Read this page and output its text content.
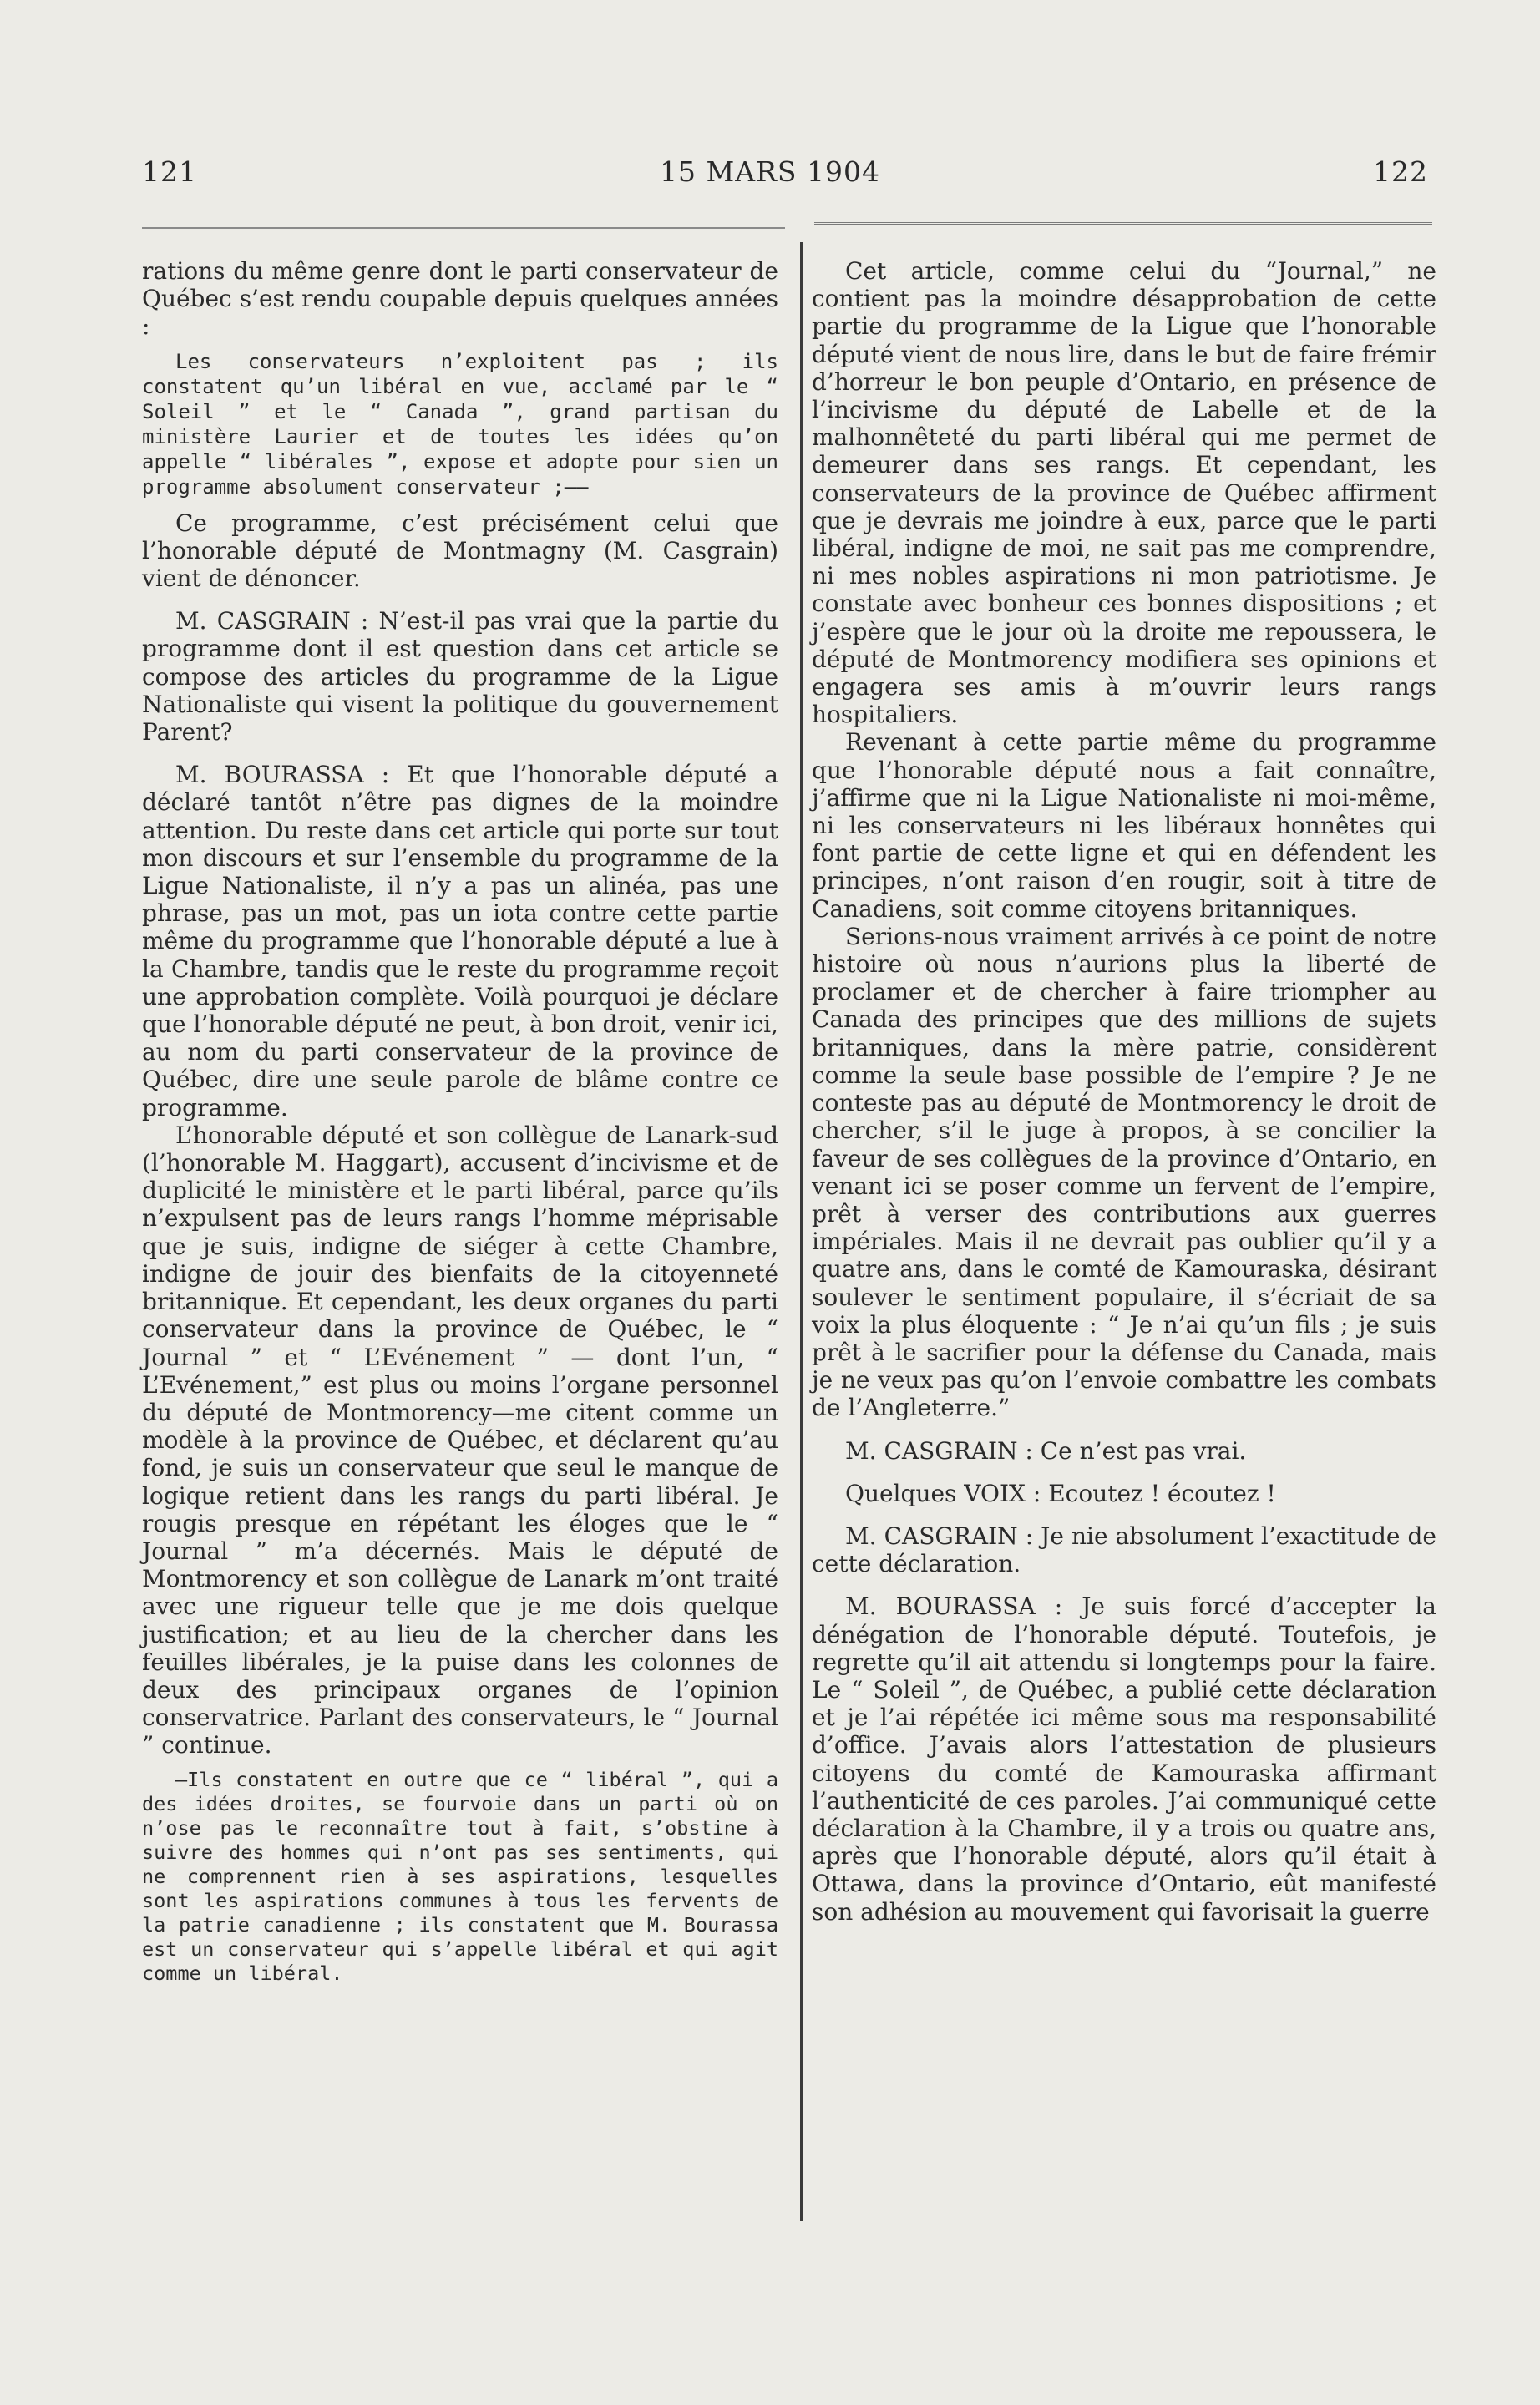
121	15 MARS 1904	122

rations du même genre dont le parti conservateur de Québec s’est rendu coupable depuis quelques années :

Les conservateurs n’exploitent pas ; ils constatent qu’un libéral en vue, acclamé par le “ Soleil ” et le “ Canada ”, grand partisan du ministère Laurier et de toutes les idées qu’on appelle “ libérales ”, expose et adopte pour sien un programme absolument conservateur ;——

Ce programme, c’est précisément celui que l’honorable député de Montmagny (M. Casgrain) vient de dénoncer.

M. CASGRAIN : N’est-il pas vrai que la partie du programme dont il est question dans cet article se compose des articles du programme de la Ligue Nationaliste qui visent la politique du gouvernement Parent?

M. BOURASSA : Et que l’honorable député a déclaré tantôt n’être pas dignes de la moindre attention. Du reste dans cet article qui porte sur tout mon discours et sur l’ensemble du programme de la Ligue Nationaliste, il n’y a pas un alinéa, pas une phrase, pas un mot, pas un iota contre cette partie même du programme que l’honorable député a lue à la Chambre, tandis que le reste du programme reçoit une approbation complète. Voilà pourquoi je déclare que l’honorable député ne peut, à bon droit, venir ici, au nom du parti conservateur de la province de Québec, dire une seule parole de blâme contre ce programme.

L’honorable député et son collègue de Lanark-sud (l’honorable M. Haggart), accusent d’incivisme et de duplicité le ministère et le parti libéral, parce qu’ils n’expulsent pas de leurs rangs l’homme méprisable que je suis, indigne de siéger à cette Chambre, indigne de jouir des bienfaits de la citoyenneté britannique. Et cependant, les deux organes du parti conservateur dans la province de Québec, le “ Journal ” et “ L’Evénement ” — dont l’un, “ L’Evénement,” est plus ou moins l’organe personnel du député de Montmorency—me citent comme un modèle à la province de Québec, et déclarent qu’au fond, je suis un conservateur que seul le manque de logique retient dans les rangs du parti libéral. Je rougis presque en répétant les éloges que le “ Journal ” m’a décernés. Mais le député de Montmorency et son collègue de Lanark m’ont traité avec une rigueur telle que je me dois quelque justification; et au lieu de la chercher dans les feuilles libérales, je la puise dans les colonnes de deux des principaux organes de l’opinion conservatrice. Parlant des conservateurs, le “ Journal ” continue.

—Ils constatent en outre que ce “ libéral ”, qui a des idées droites, se fourvoie dans un parti où on n’ose pas le reconnaître tout à fait, s’obstine à suivre des hommes qui n’ont pas ses sentiments, qui ne comprennent rien à ses aspirations, lesquelles sont les aspirations communes à tous les fervents de la patrie canadienne ; ils constatent que M. Bourassa est un conservateur qui s’appelle libéral et qui agit comme un libéral.

Cet article, comme celui du “Journal,” ne contient pas la moindre désapprobation de cette partie du programme de la Ligue que l’honorable député vient de nous lire, dans le but de faire frémir d’horreur le bon peuple d’Ontario, en présence de l’incivisme du député de Labelle et de la malhonnêteté du parti libéral qui me permet de demeurer dans ses rangs. Et cependant, les conservateurs de la province de Québec affirment que je devrais me joindre à eux, parce que le parti libéral, indigne de moi, ne sait pas me comprendre, ni mes nobles aspirations ni mon patriotisme. Je constate avec bonheur ces bonnes dispositions ; et j’espère que le jour où la droite me repoussera, le député de Montmorency modifiera ses opinions et engagera ses amis à m’ouvrir leurs rangs hospitaliers.

Revenant à cette partie même du programme que l’honorable député nous a fait connaître, j’affirme que ni la Ligue Nationaliste ni moi-même, ni les conservateurs ni les libéraux honnêtes qui font partie de cette ligne et qui en défendent les principes, n’ont raison d’en rougir, soit à titre de Canadiens, soit comme citoyens britanniques.

Serions-nous vraiment arrivés à ce point de notre histoire où nous n’aurions plus la liberté de proclamer et de chercher à faire triompher au Canada des principes que des millions de sujets britanniques, dans la mère patrie, considèrent comme la seule base possible de l’empire ? Je ne conteste pas au député de Montmorency le droit de chercher, s’il le juge à propos, à se concilier la faveur de ses collègues de la province d’Ontario, en venant ici se poser comme un fervent de l’empire, prêt à verser des contributions aux guerres impériales. Mais il ne devrait pas oublier qu’il y a quatre ans, dans le comté de Kamouraska, désirant soulever le sentiment populaire, il s’écriait de sa voix la plus éloquente : “ Je n’ai qu’un fils ; je suis prêt à le sacrifier pour la défense du Canada, mais je ne veux pas qu’on l’envoie combattre les combats de l’Angleterre.”

M. CASGRAIN : Ce n’est pas vrai.

Quelques VOIX : Ecoutez ! écoutez !

M. CASGRAIN : Je nie absolument l’exactitude de cette déclaration.

M. BOURASSA : Je suis forcé d’accepter la dénégation de l’honorable député. Toutefois, je regrette qu’il ait attendu si longtemps pour la faire. Le “ Soleil ”, de Québec, a publié cette déclaration et je l’ai répétée ici même sous ma responsabilité d’office. J’avais alors l’attestation de plusieurs citoyens du comté de Kamouraska affirmant l’authenticité de ces paroles. J’ai communiqué cette déclaration à la Chambre, il y a trois ou quatre ans, après que l’honorable député, alors qu’il était à Ottawa, dans la province d’Ontario, eût manifesté son adhésion au mouvement qui favorisait la guerre
